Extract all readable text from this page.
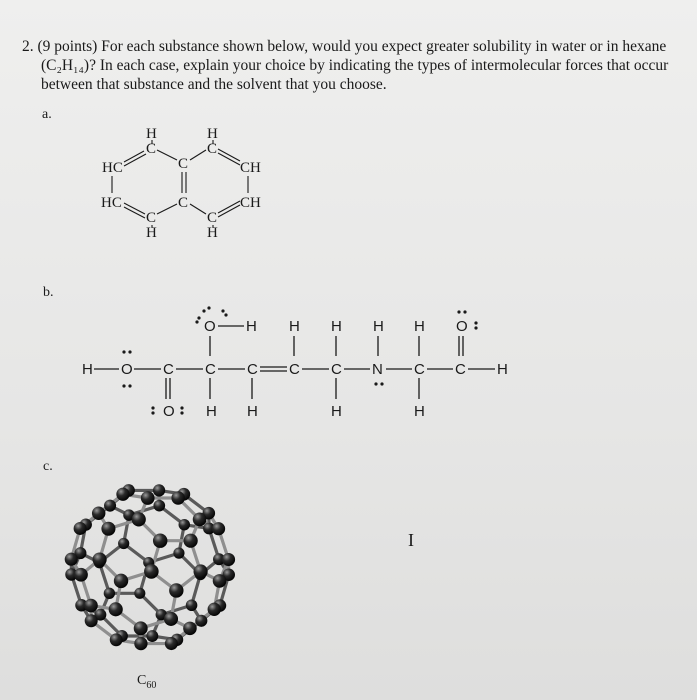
2. (9 points) For each substance shown below, would you expect greater solubility in water or in hexane
(C₂H₁₄)? In each case, explain your choice by indicating the types of intermolecular forces that occur
between that substance and the solvent that you choose.
a.
b.
c.
H	H
C	C
HC	C	CH
HC	C	CH
C	C
H	H
O H H H H H O
H O C C C C C N C C H
O H H	H	H
$C_{60}$
I
